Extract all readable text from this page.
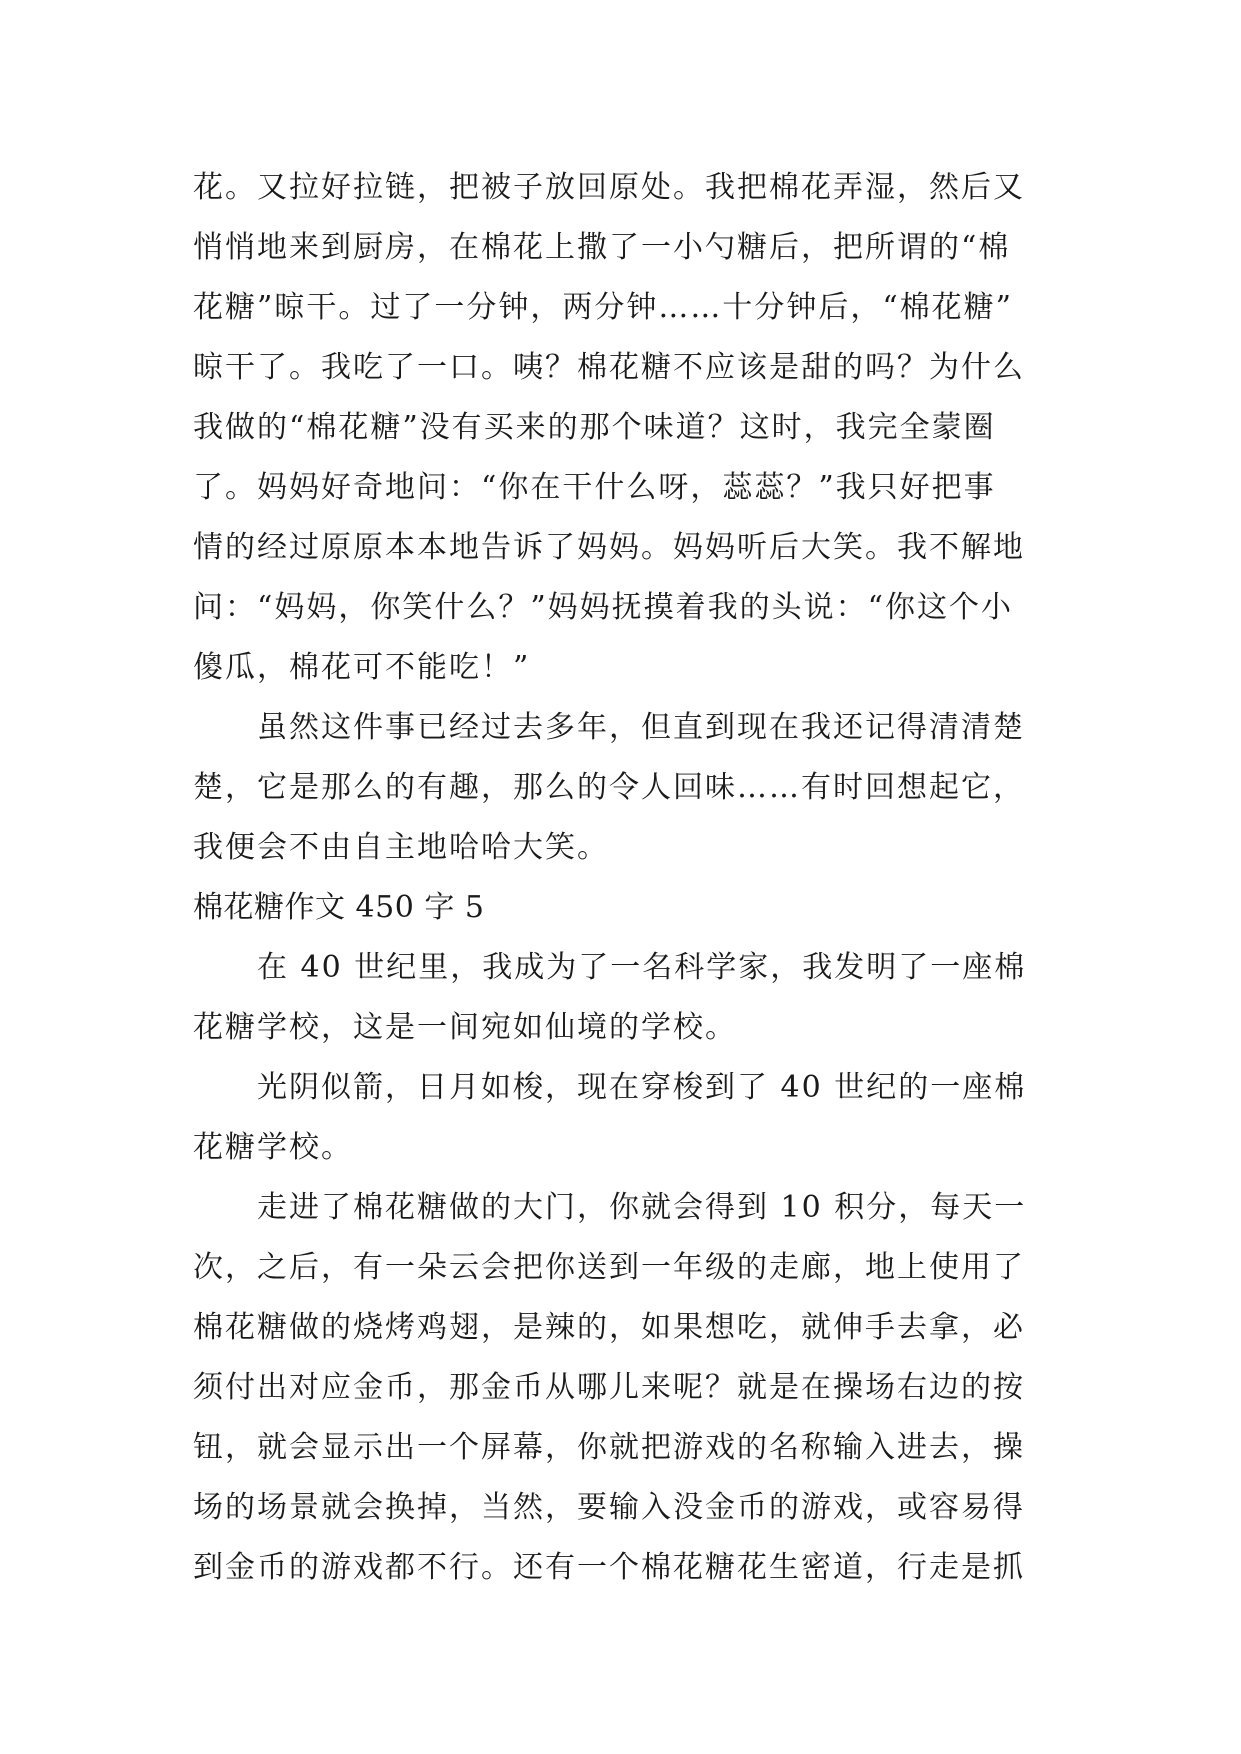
花。又拉好拉链，把被子放回原处。我把棉花弄湿，然后又
悄悄地来到厨房，在棉花上撒了一小勺糖后，把所谓的“棉
花糖”晾干。过了一分钟，两分钟……十分钟后，“棉花糖”
晾干了。我吃了一口。咦？棉花糖不应该是甜的吗？为什么
我做的“棉花糖”没有买来的那个味道？这时，我完全蒙圈
了。妈妈好奇地问：“你在干什么呀，蕊蕊？”我只好把事
情的经过原原本本地告诉了妈妈。妈妈听后大笑。我不解地
问：“妈妈，你笑什么？”妈妈抚摸着我的头说：“你这个小
傻瓜，棉花可不能吃！”
虽然这件事已经过去多年，但直到现在我还记得清清楚
楚，它是那么的有趣，那么的令人回味……有时回想起它，
我便会不由自主地哈哈大笑。
棉花糖作文 450 字 5
在 40 世纪里，我成为了一名科学家，我发明了一座棉
花糖学校，这是一间宛如仙境的学校。
光阴似箭，日月如梭，现在穿梭到了 40 世纪的一座棉
花糖学校。
走进了棉花糖做的大门，你就会得到 10 积分，每天一
次，之后，有一朵云会把你送到一年级的走廊，地上使用了
棉花糖做的烧烤鸡翅，是辣的，如果想吃，就伸手去拿，必
须付出对应金币，那金币从哪儿来呢？就是在操场右边的按
钮，就会显示出一个屏幕，你就把游戏的名称输入进去，操
场的场景就会换掉，当然，要输入没金币的游戏，或容易得
到金币的游戏都不行。还有一个棉花糖花生密道，行走是抓
